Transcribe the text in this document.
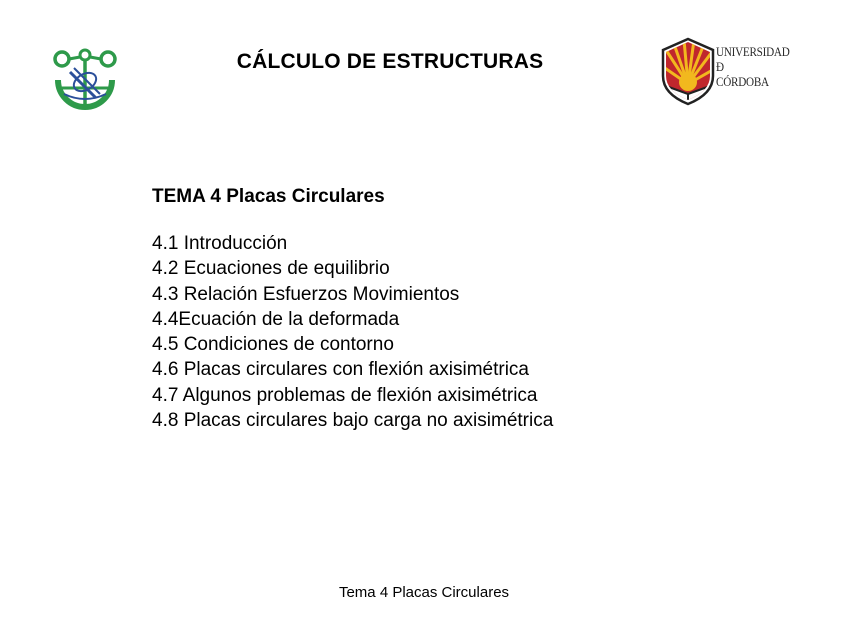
CÁLCULO DE ESTRUCTURAS	UNIVERSIDAD
Ð
CÓRDOBA
TEMA 4 Placas Circulares
4.1 Introducción
4.2 Ecuaciones de equilibrio
4.3 Relación Esfuerzos Movimientos
4.4Ecuación de la deformada
4.5 Condiciones de contorno
4.6 Placas circulares con flexión axisimétrica
4.7 Algunos problemas de flexión axisimétrica
4.8 Placas circulares bajo carga no axisimétrica
Tema 4 Placas Circulares
